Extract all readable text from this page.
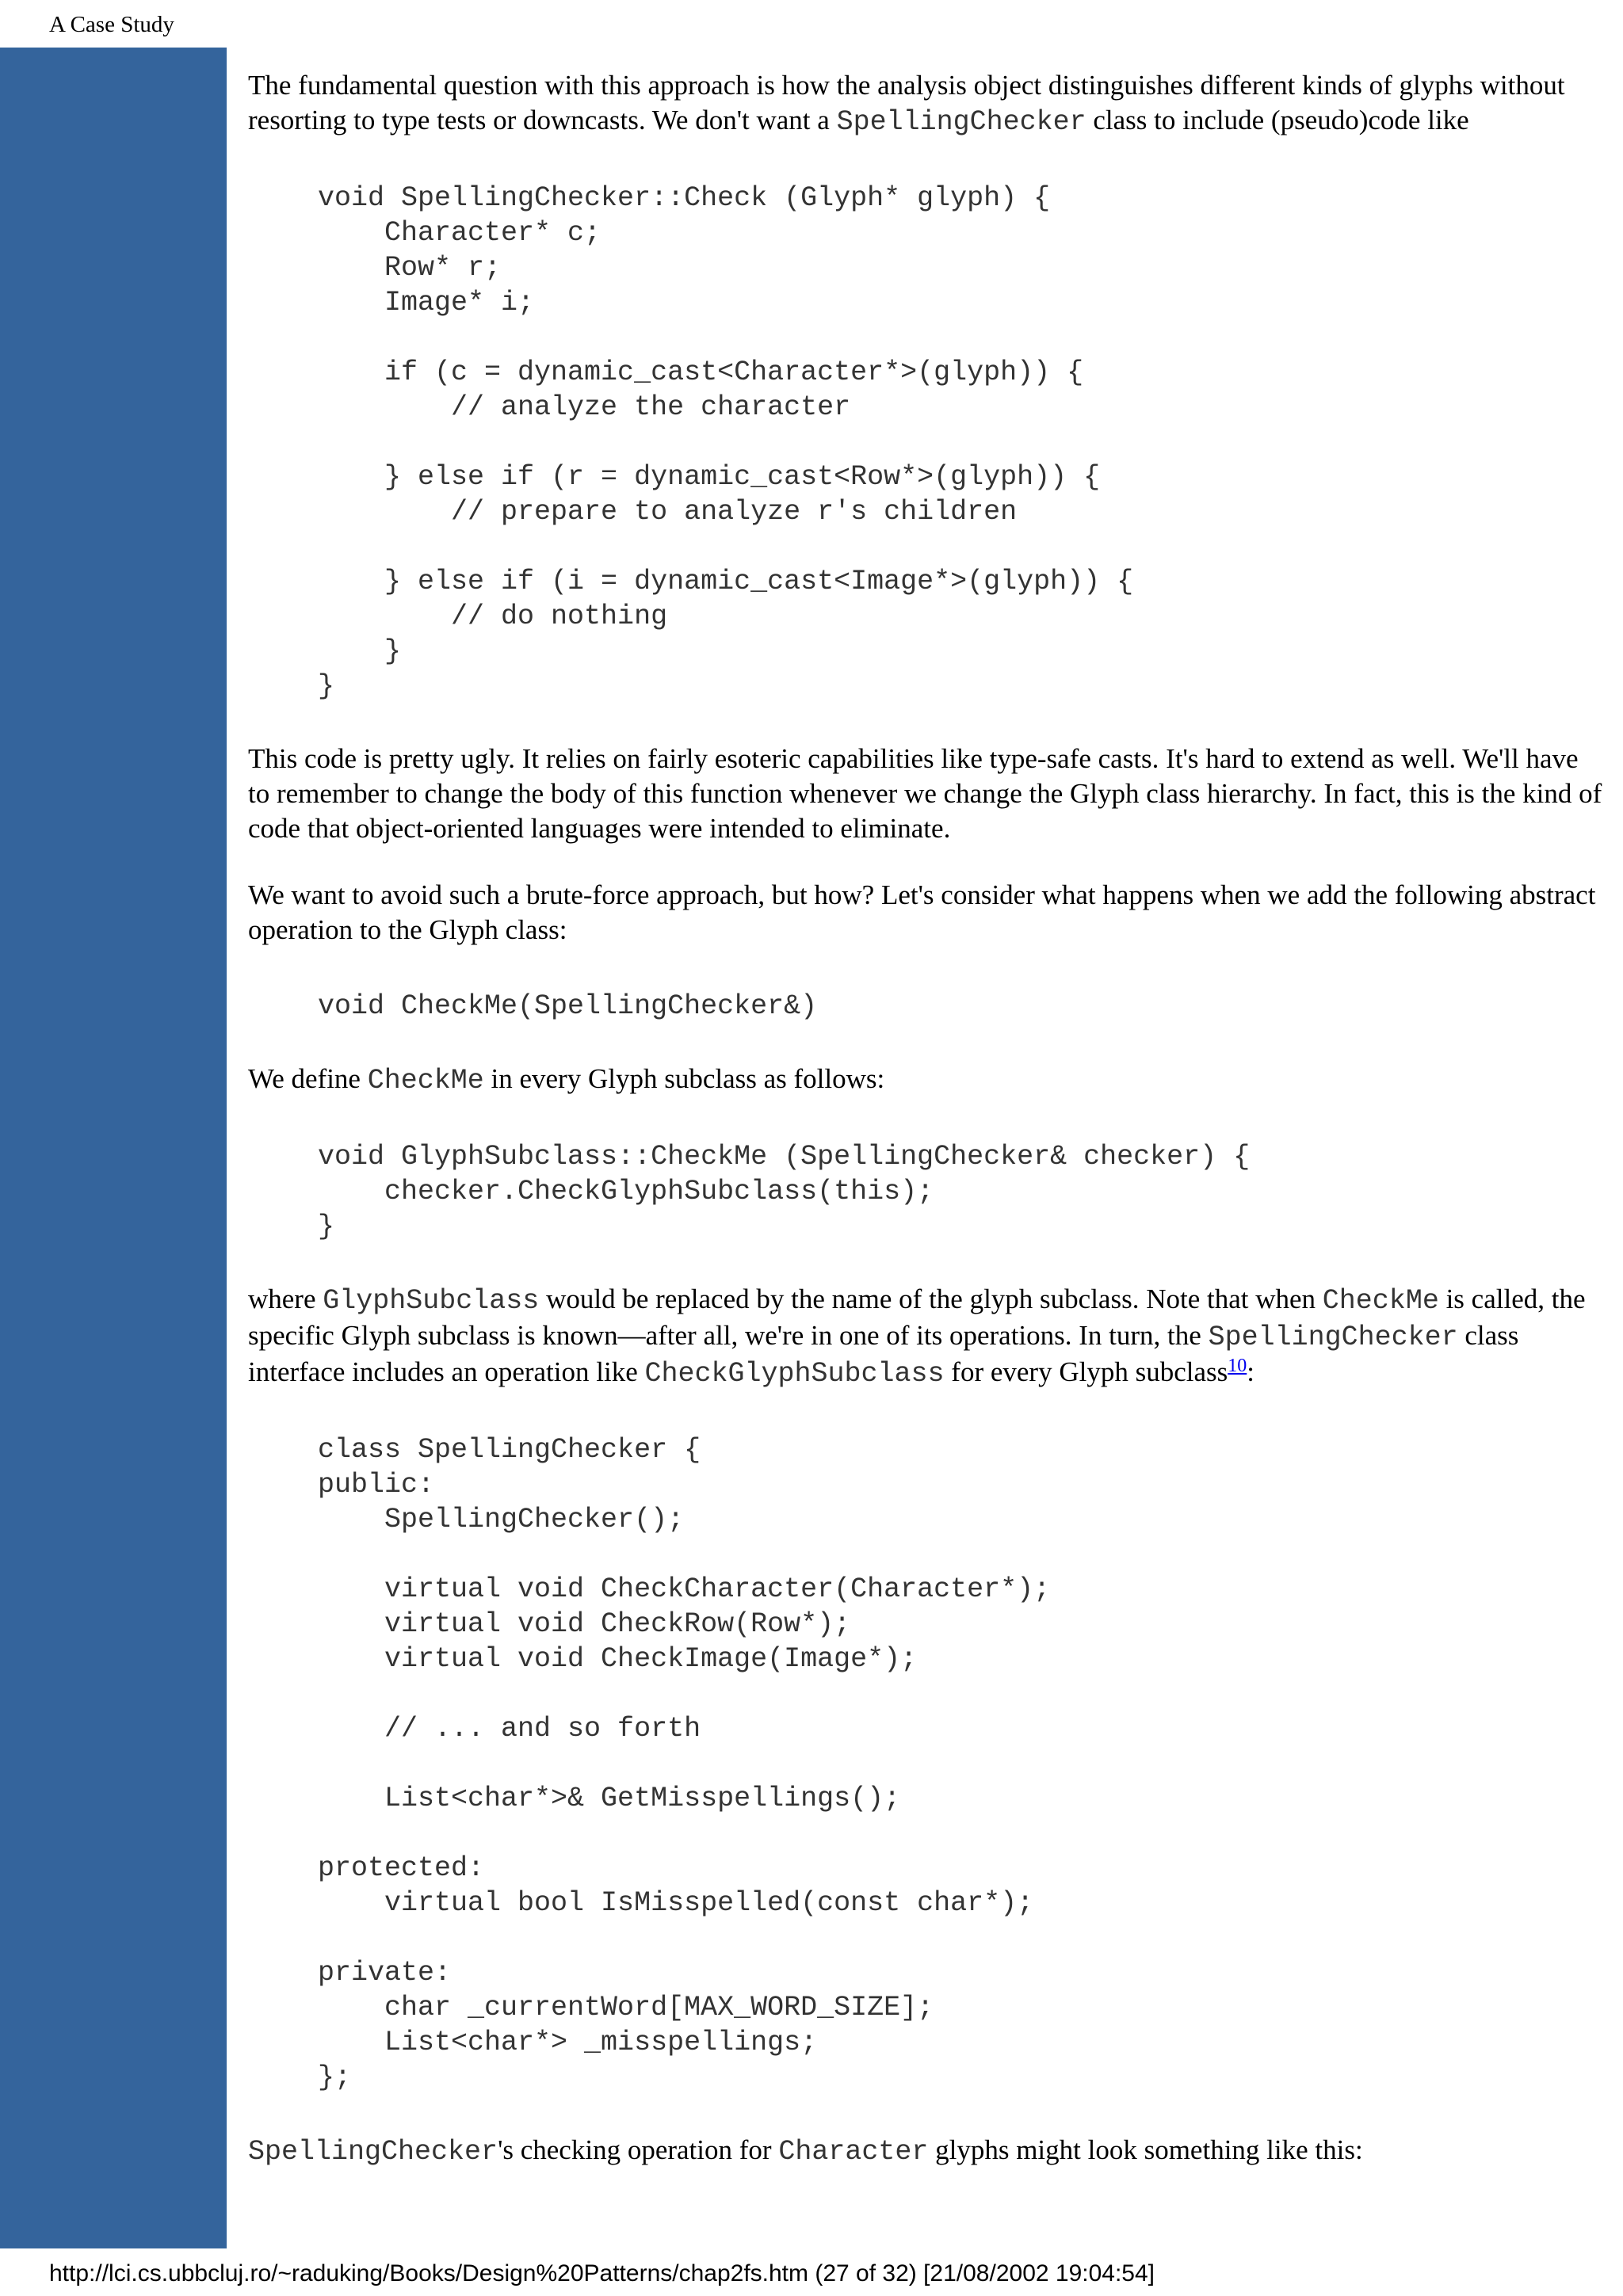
A Case Study

The fundamental question with this approach is how the analysis object distinguishes different kinds of glyphs without resorting to type tests or downcasts. We don't want a SpellingChecker class to include (pseudo)code like

void SpellingChecker::Check (Glyph* glyph) {
Character* c;
Row* r;
Image* i;

if (c = dynamic_cast<Character*>(glyph)) {
// analyze the character

} else if (r = dynamic_cast<Row*>(glyph)) {
// prepare to analyze r's children

} else if (i = dynamic_cast<Image*>(glyph)) {
// do nothing
}
}

This code is pretty ugly. It relies on fairly esoteric capabilities like type-safe casts. It's hard to extend as well. We'll have to remember to change the body of this function whenever we change the Glyph class hierarchy. In fact, this is the kind of code that object-oriented languages were intended to eliminate.

We want to avoid such a brute-force approach, but how? Let's consider what happens when we add the following abstract operation to the Glyph class:

void CheckMe(SpellingChecker&)

We define CheckMe in every Glyph subclass as follows:

void GlyphSubclass::CheckMe (SpellingChecker& checker) {
checker.CheckGlyphSubclass(this);
}

where GlyphSubclass would be replaced by the name of the glyph subclass. Note that when CheckMe is called, the specific Glyph subclass is known—after all, we're in one of its operations. In turn, the SpellingChecker class interface includes an operation like CheckGlyphSubclass for every Glyph subclass$^{10}$:

class SpellingChecker {
public:
SpellingChecker();

virtual void CheckCharacter(Character*);
virtual void CheckRow(Row*);
virtual void CheckImage(Image*);

// ... and so forth

List<char*>& GetMisspellings();

protected:
virtual bool IsMisspelled(const char*);

private:
char _currentWord[MAX_WORD_SIZE];
List<char*> _misspellings;
};

SpellingChecker's checking operation for Character glyphs might look something like this:

http://lci.cs.ubbcluj.ro/~raduking/Books/Design%20Patterns/chap2fs.htm (27 of 32) [21/08/2002 19:04:54]
